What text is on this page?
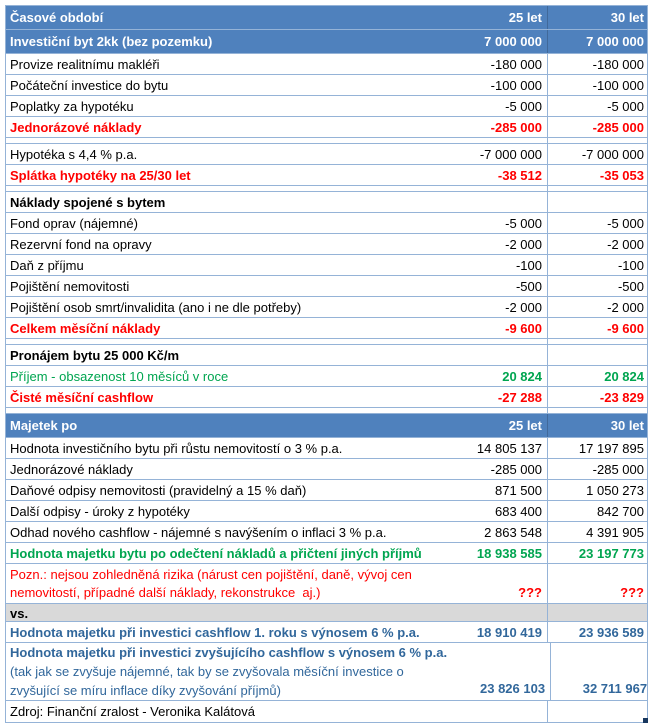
Časové období	25 let	30 let
Investiční byt 2kk (bez pozemku)	7 000 000	7 000 000
Provize realitnímu makléři	-180 000	-180 000
Počáteční investice do bytu	-100 000	-100 000
Poplatky za hypotéku	-5 000	-5 000
Jednorázové náklady	-285 000	-285 000
Hypotéka s 4,4 % p.a.	-7 000 000	-7 000 000
Splátka hypotéky na 25/30 let	-38 512	-35 053
Náklady spojené s bytem
Fond oprav (nájemné)	-5 000	-5 000
Rezervní fond na opravy	-2 000	-2 000
Daň z příjmu	-100	-100
Pojištění nemovitosti	-500	-500
Pojištění osob smrt/invalidita (ano i ne dle potřeby)	-2 000	-2 000
Celkem měsíční náklady	-9 600	-9 600
Pronájem bytu 25 000 Kč/m
Příjem - obsazenost 10 měsíců v roce	20 824	20 824
Čisté měsíční cashflow	-27 288	-23 829
Majetek po	25 let	30 let
Hodnota investičního bytu při růstu nemovitostí o 3 % p.a.	14 805 137	17 197 895
Jednorázové náklady	-285 000	-285 000
Daňové odpisy nemovitosti (pravidelný a 15 % daň)	871 500	1 050 273
Další odpisy - úroky z hypotéky	683 400	842 700
Odhad nového cashflow - nájemné s navýšením o inflaci 3 % p.a.	2 863 548	4 391 905
Hodnota majetku bytu po odečtení nákladů a přičtení jiných příjmů	18 938 585	23 197 773
Pozn.: nejsou zohledněná rizika (nárust cen pojištění, daně, vývoj cen
nemovitostí, případné další náklady, rekonstrukce  aj.)	???	???
vs.
Hodnota majetku při investici cashflow 1. roku s výnosem 6 % p.a.	18 910 419	23 936 589
Hodnota majetku při investici zvyšujícího cashflow s výnosem 6 % p.a.
(tak jak se zvyšuje nájemné, tak by se zvyšovala měsíční investice o
zvyšující se míru inflace díky zvyšování příjmů)	23 826 103	32 711 967
Zdroj: Finanční zralost - Veronika Kalátová
